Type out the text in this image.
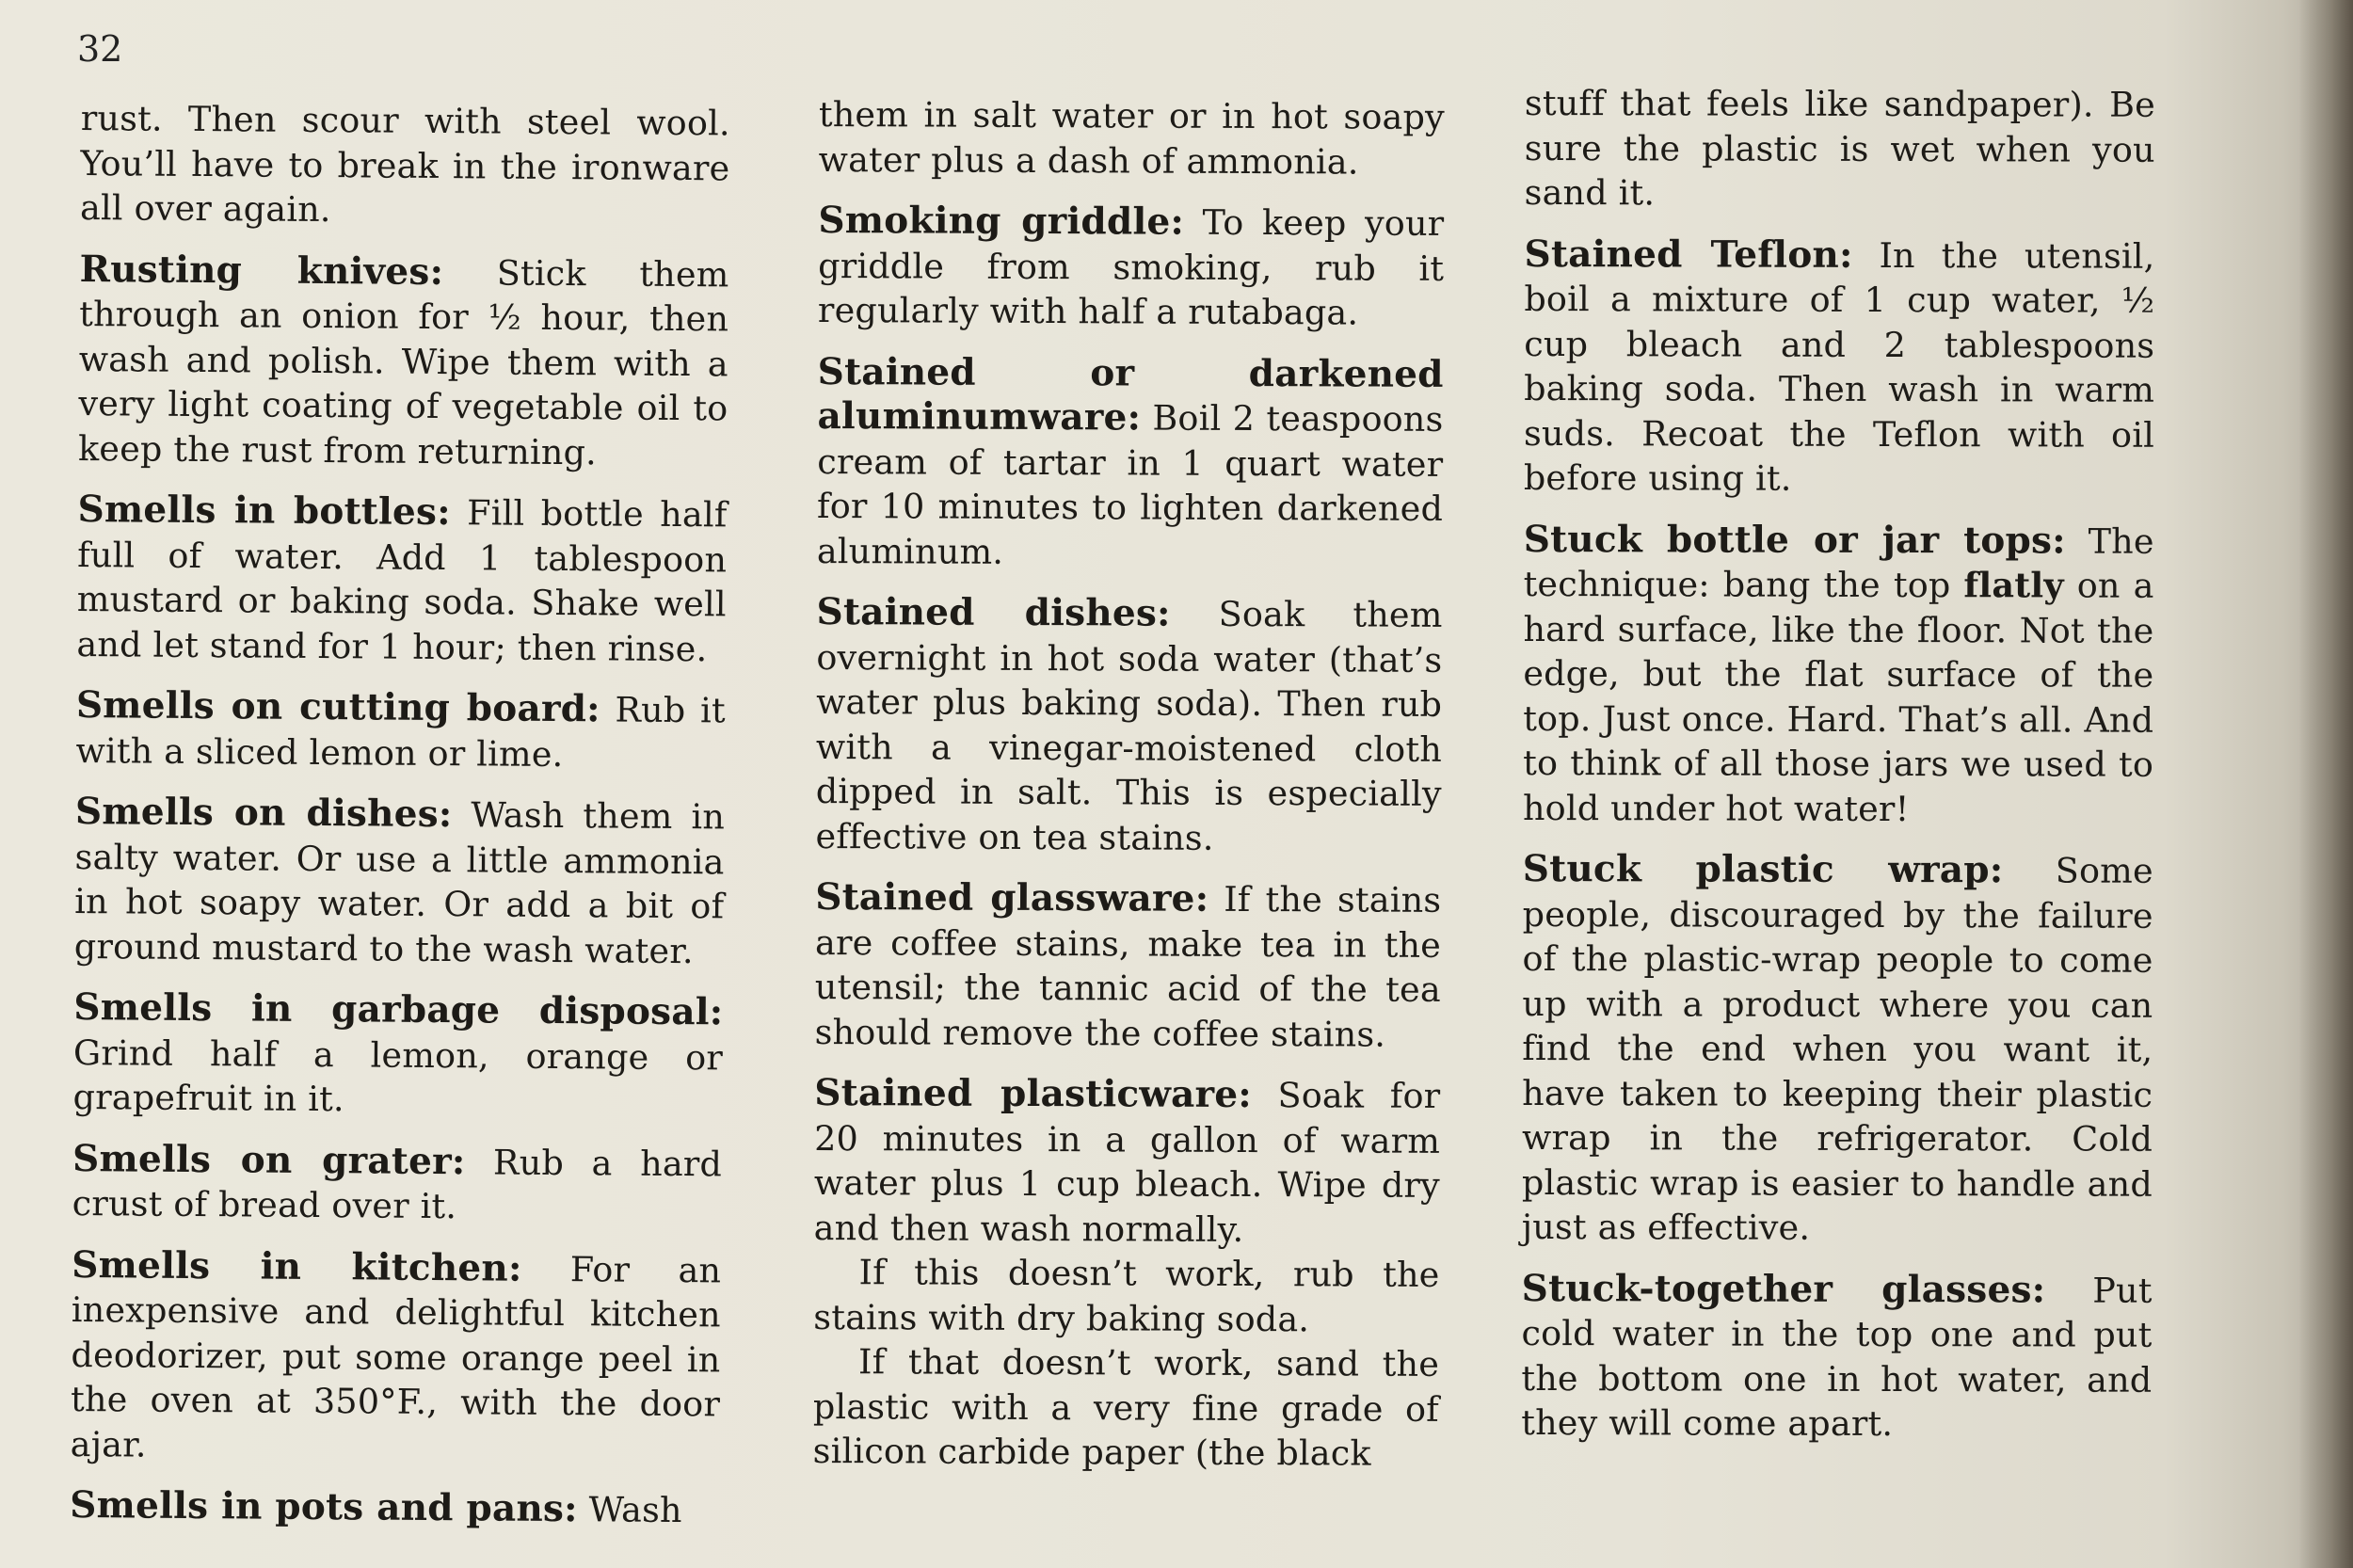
32

rust. Then scour with steel wool. You’ll have to break in the ironware all over again.

Rusting knives: Stick them through an onion for ½ hour, then wash and polish. Wipe them with a very light coating of vegetable oil to keep the rust from returning.

Smells in bottles: Fill bottle half full of water. Add 1 tablespoon mustard or baking soda. Shake well and let stand for 1 hour; then rinse.

Smells on cutting board: Rub it with a sliced lemon or lime.

Smells on dishes: Wash them in salty water. Or use a little ammonia in hot soapy water. Or add a bit of ground mustard to the wash water.

Smells in garbage disposal: Grind half a lemon, orange or grapefruit in it.

Smells on grater: Rub a hard crust of bread over it.

Smells in kitchen: For an inexpensive and delightful kitchen deodorizer, put some orange peel in the oven at 350°F., with the door ajar.

Smells in pots and pans: Wash

them in salt water or in hot soapy water plus a dash of ammonia.

Smoking griddle: To keep your griddle from smoking, rub it regularly with half a rutabaga.

Stained or darkened aluminumware: Boil 2 teaspoons cream of tartar in 1 quart water for 10 minutes to lighten darkened aluminum.

Stained dishes: Soak them overnight in hot soda water (that’s water plus baking soda). Then rub with a vinegar-moistened cloth dipped in salt. This is especially effective on tea stains.

Stained glassware: If the stains are coffee stains, make tea in the utensil; the tannic acid of the tea should remove the coffee stains.

Stained plasticware: Soak for 20 minutes in a gallon of warm water plus 1 cup bleach. Wipe dry and then wash normally.

If this doesn’t work, rub the stains with dry baking soda.

If that doesn’t work, sand the plastic with a very fine grade of silicon carbide paper (the black

stuff that feels like sandpaper). Be sure the plastic is wet when you sand it.

Stained Teflon: In the utensil, boil a mixture of 1 cup water, ½ cup bleach and 2 tablespoons baking soda. Then wash in warm suds. Recoat the Teflon with oil before using it.

Stuck bottle or jar tops: The technique: bang the top flatly on a hard surface, like the floor. Not the edge, but the flat surface of the top. Just once. Hard. That’s all. And to think of all those jars we used to hold under hot water!

Stuck plastic wrap: Some people, discouraged by the failure of the plastic-wrap people to come up with a product where you can find the end when you want it, have taken to keeping their plastic wrap in the refrigerator. Cold plastic wrap is easier to handle and just as effective.

Stuck-together glasses: Put cold water in the top one and put the bottom one in hot water, and they will come apart.
